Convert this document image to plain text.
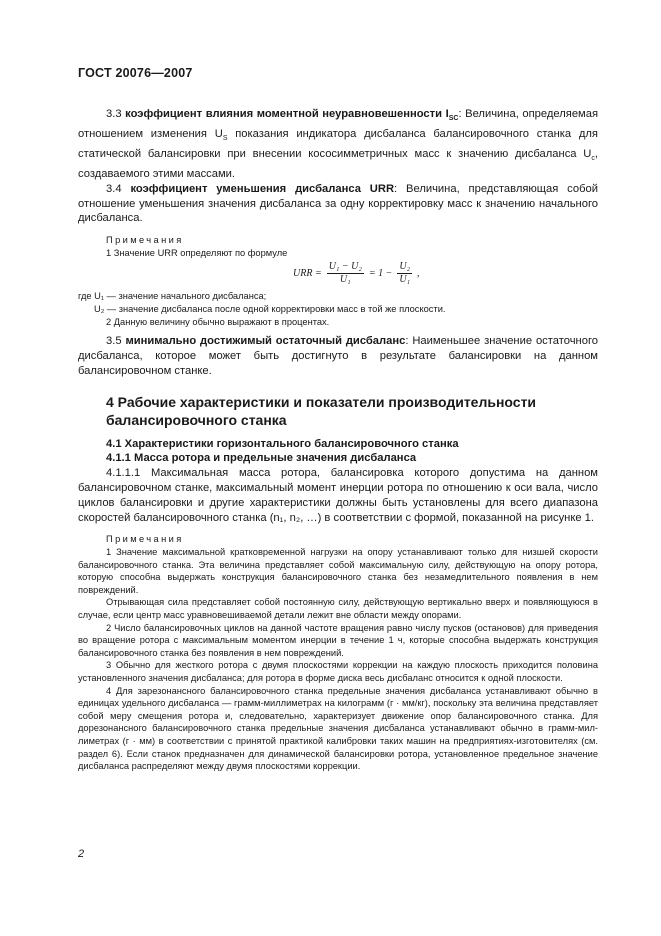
ГОСТ 20076—2007

3.3 коэффициент влияния моментной неуравновешенности $I_{SC}$: Величина, определяемая отношением изменения $U_S$ показания индикатора дисбаланса балансировочного станка для статической балансировки при внесении кососимметричных масс к значению дисбаланса $U_c$, создаваемого этими массами.

3.4 коэффициент уменьшения дисбаланса URR: Величина, представляющая собой отношение уменьшения значения дисбаланса за одну корректировку масс к значению начального дисбаланса.

Примечания

1 Значение URR определяют по формуле

URR = $\frac{\text{U₁ − U₂}}{\text{U₁}} = 1 - \frac{\text{U₂}}{\text{U₁}}$ ,

где U₁ — значение начального дисбаланса;

U₂ — значение дисбаланса после одной корректировки масс в той же плоскости.

2 Данную величину обычно выражают в процентах.

3.5 минимально достижимый остаточный дисбаланс: Наименьшее значение остаточного дисбаланса, которое может быть достигнуто в результате балансировки на данном балансировочном станке.

4 Рабочие характеристики и показатели производительности

балансировочного станка

4.1 Характеристики горизонтального балансировочного станка

4.1.1 Масса ротора и предельные значения дисбаланса

4.1.1.1 Максимальная масса ротора, балансировка которого допустима на данном балансировочном станке, максимальный момент инерции ротора по отношению к оси вала, число циклов балансировки и другие характеристики должны быть установлены для всего диапазона скоростей балансировочного станка (n₁, n₂, …) в соответствии с формой, показанной на рисунке 1.

Примечания

1 Значение максимальной кратковременной нагрузки на опору устанавливают только для низшей скорости балансировочного станка. Эта величина представляет собой максимальную силу, действующую на опору ротора, которую способна выдержать конструкция балансировочного станка без незамедлительного появления в нем повреждений.

Отрывающая сила представляет собой постоянную силу, действующую вертикально вверх и появляющуюся в случае, если центр масс уравновешиваемой детали лежит вне области между опорами.

2 Число балансировочных циклов на данной частоте вращения равно числу пусков (остановов) для приведения во вращение ротора с максимальным моментом инерции в течение 1 ч, которые способна выдержать конструкция балансировочного станка без появления в нем повреждений.

3 Обычно для жесткого ротора с двумя плоскостями коррекции на каждую плоскость приходится половина установленного значения дисбаланса; для ротора в форме диска весь дисбаланс относится к одной плоскости.

4 Для зарезонансного балансировочного станка предельные значения дисбаланса устанавливают обычно в единицах удельного дисбаланса — грамм-миллиметрах на килограмм (г · мм/кг), поскольку эта величина представляет собой меру смещения ротора и, следовательно, характеризует движение опор балансировочного станка. Для дорезонансного балансировочного станка предельные значения дисбаланса устанавливают обычно в грамм-миллиметрах (г · мм) в соответствии с принятой практикой калибровки таких машин на предприятиях-изготовителях (см. раздел 6). Если станок предназначен для динамической балансировки ротора, установленное предельное значение дисбаланса распределяют между двумя плоскостями коррекции.

2
